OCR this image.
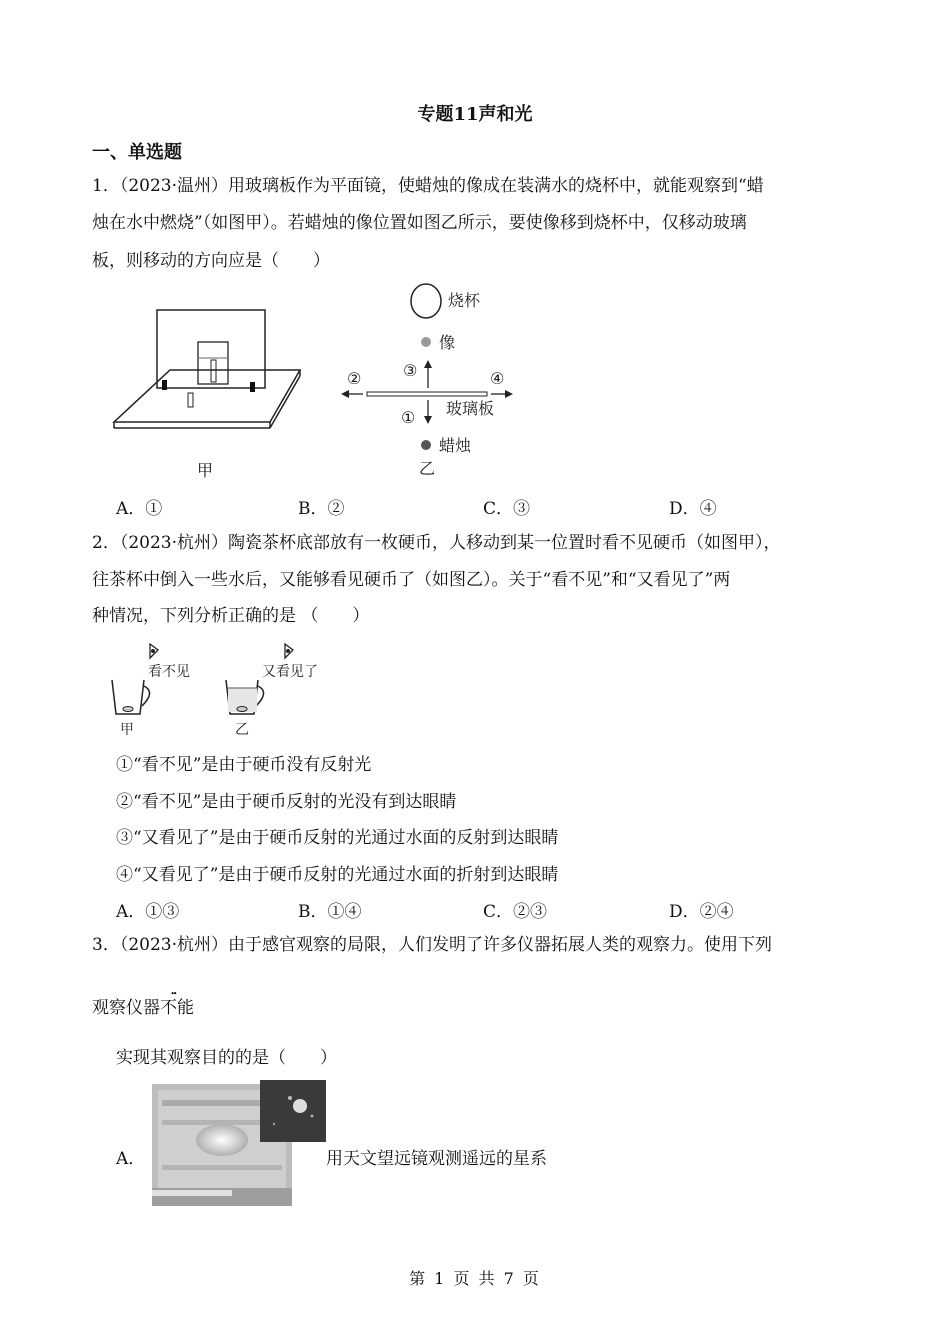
专题11声和光
一、单选题
1．（2023·温州）用玻璃板作为平面镜，使蜡烛的像成在装满水的烧杯中，就能观察到“蜡
烛在水中燃烧”（如图甲）。若蜡烛的像位置如图乙所示，要使像移到烧杯中，仅移动玻璃
板，则移动的方向应是（　　）
甲
烧杯
像
③
②	④
① 玻璃板
蜡烛
乙
A．①	B．②	C．③	D．④
2．（2023·杭州）陶瓷茶杯底部放有一枚硬币，人移动到某一位置时看不见硬币（如图甲），
往茶杯中倒入一些水后，又能够看见硬币了（如图乙）。关于“看不见”和“又看见了”两
种情况，下列分析正确的是 （　　）
看不见	又看见了
甲	乙
①“看不见”是由于硬币没有反射光
②“看不见”是由于硬币反射的光没有到达眼睛
③“又看见了”是由于硬币反射的光通过水面的反射到达眼睛
④“又看见了”是由于硬币反射的光通过水面的折射到达眼睛
A．①③	B．①④	C．②③	D．②④
3．（2023·杭州）由于感官观察的局限，人们发明了许多仪器拓展人类的观察力。使用下列
．．
观察仪器不能
实现其观察目的的是（　　）
A．	用天文望远镜观测遥远的星系
第 1 页 共 7 页
